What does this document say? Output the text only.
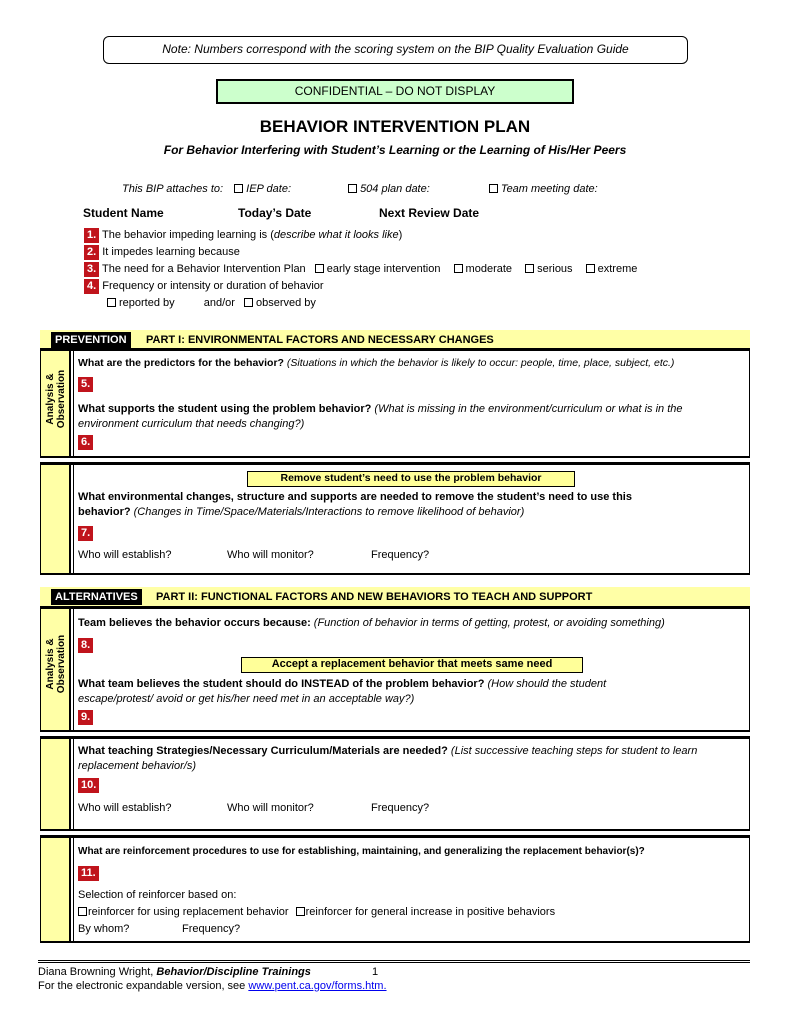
Note: Numbers correspond with the scoring system on the BIP Quality Evaluation Guide
CONFIDENTIAL – DO NOT DISPLAY
BEHAVIOR INTERVENTION PLAN
For Behavior Interfering with Student’s Learning or the Learning of His/Her Peers
This BIP attaches to: IEP date:	504 plan date:	Team meeting date:
Student Name	Today’s Date	Next Review Date
1. The behavior impeding learning is (describe what it looks like)
2. It impedes learning because
3. The need for a Behavior Intervention Plan early stage intervention moderate serious extreme
4. Frequency or intensity or duration of behavior
reported by	and/or observed by
PREVENTION	PART I: ENVIRONMENTAL FACTORS AND NECESSARY CHANGES
Analysis & Observation
What are the predictors for the behavior? (Situations in which the behavior is likely to occur: people, time, place, subject, etc.)
5.
What supports the student using the problem behavior? (What is missing in the environment/curriculum or what is in the
environment curriculum that needs changing?)
6.
Remove student’s need to use the problem behavior
What environmental changes, structure and supports are needed to remove the student’s need to use this
behavior? (Changes in Time/Space/Materials/Interactions to remove likelihood of behavior)
7.
Who will establish?	Who will monitor?	Frequency?
ALTERNATIVES	PART II: FUNCTIONAL FACTORS AND NEW BEHAVIORS TO TEACH AND SUPPORT
Analysis & Observation
Team believes the behavior occurs because: (Function of behavior in terms of getting, protest, or avoiding something)
8.
Accept a replacement behavior that meets same need
What team believes the student should do INSTEAD of the problem behavior? (How should the student
escape/protest/ avoid or get his/her need met in an acceptable way?)
9.
What teaching Strategies/Necessary Curriculum/Materials are needed? (List successive teaching steps for student to learn
replacement behavior/s)
10.
Who will establish?	Who will monitor?	Frequency?
What are reinforcement procedures to use for establishing, maintaining, and generalizing the replacement behavior(s)?
11.
Selection of reinforcer based on:
reinforcer for using replacement behavior reinforcer for general increase in positive behaviors
By whom?	Frequency?
Diana Browning Wright, Behavior/Discipline Trainings	1
For the electronic expandable version, see www.pent.ca.gov/forms.htm.
